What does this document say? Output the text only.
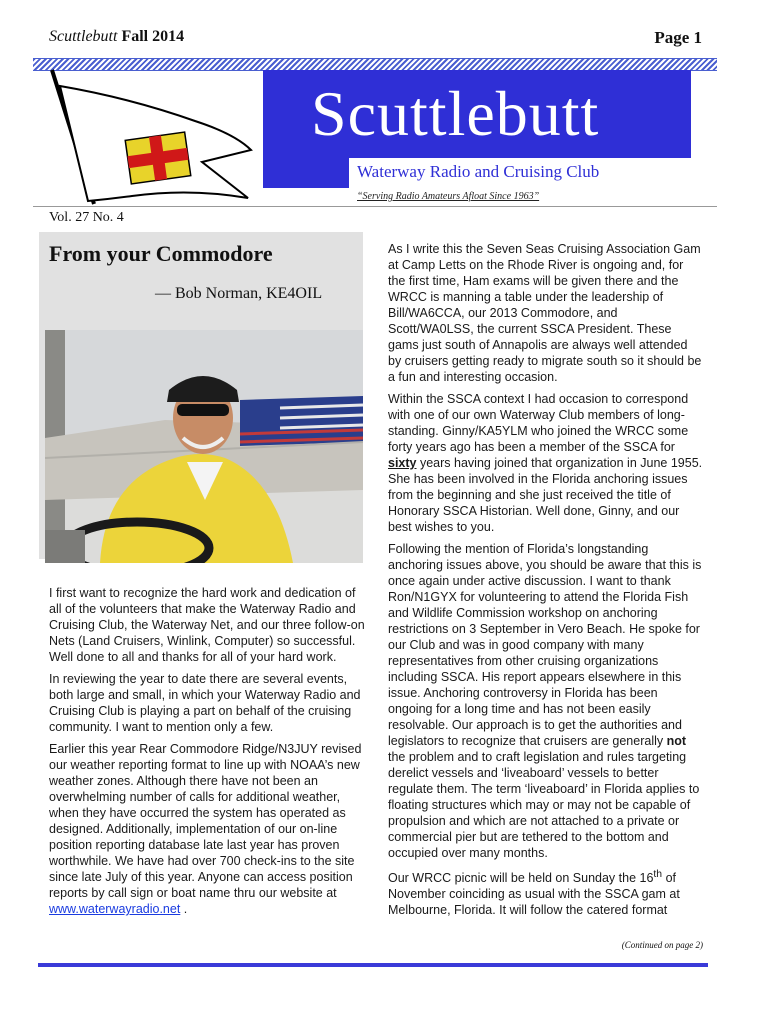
Scuttlebutt Fall 2014	Page 1
Scuttlebutt
Waterway Radio and Cruising Club
“Serving Radio Amateurs Afloat Since 1963”
Vol. 27 No. 4
From your Commodore
— Bob Norman, KE4OIL

I first want to recognize the hard work and dedication of all of the volunteers that make the Waterway Radio and Cruising Club, the Waterway Net, and our three follow-on Nets (Land Cruisers, Winlink, Computer) so successful. Well done to all and thanks for all of your hard work.

In reviewing the year to date there are several events, both large and small, in which your Waterway Radio and Cruising Club is playing a part on behalf of the cruising community. I want to mention only a few.

Earlier this year Rear Commodore Ridge/N3JUY revised our weather reporting format to line up with NOAA’s new weather zones. Although there have not been an overwhelming number of calls for additional weather, when they have occurred the system has operated as designed. Additionally, implementation of our on-line position reporting database late last year has proven worthwhile. We have had over 700 check-ins to the site since late July of this year. Anyone can access position reports by call sign or boat name thru our website at www.waterwayradio.net .

As I write this the Seven Seas Cruising Association Gam at Camp Letts on the Rhode River is ongoing and, for the first time, Ham exams will be given there and the WRCC is manning a table under the leadership of Bill/WA6CCA, our 2013 Commodore, and Scott/WA0LSS, the current SSCA President. These gams just south of Annapolis are always well attended by cruisers getting ready to migrate south so it should be a fun and interesting occasion.

Within the SSCA context I had occasion to correspond with one of our own Waterway Club members of long-standing. Ginny/KA5YLM who joined the WRCC some forty years ago has been a member of the SSCA for sixty years having joined that organization in June 1955. She has been involved in the Florida anchoring issues from the beginning and she just received the title of Honorary SSCA Historian. Well done, Ginny, and our best wishes to you.

Following the mention of Florida’s longstanding anchoring issues above, you should be aware that this is once again under active discussion. I want to thank Ron/N1GYX for volunteering to attend the Florida Fish and Wildlife Commission workshop on anchoring restrictions on 3 September in Vero Beach. He spoke for our Club and was in good company with many representatives from other cruising organizations including SSCA. His report appears elsewhere in this issue. Anchoring controversy in Florida has been ongoing for a long time and has not been easily resolvable. Our approach is to get the authorities and legislators to recognize that cruisers are generally not the problem and to craft legislation and rules targeting derelict vessels and ‘liveaboard’ vessels to better regulate them. The term ‘liveaboard’ in Florida applies to floating structures which may or may not be capable of propulsion and which are not attached to a private or commercial pier but are tethered to the bottom and occupied over many months.

Our WRCC picnic will be held on Sunday the 16th of November coinciding as usual with the SSCA gam at Melbourne, Florida. It will follow the catered format

(Continued on page 2)
